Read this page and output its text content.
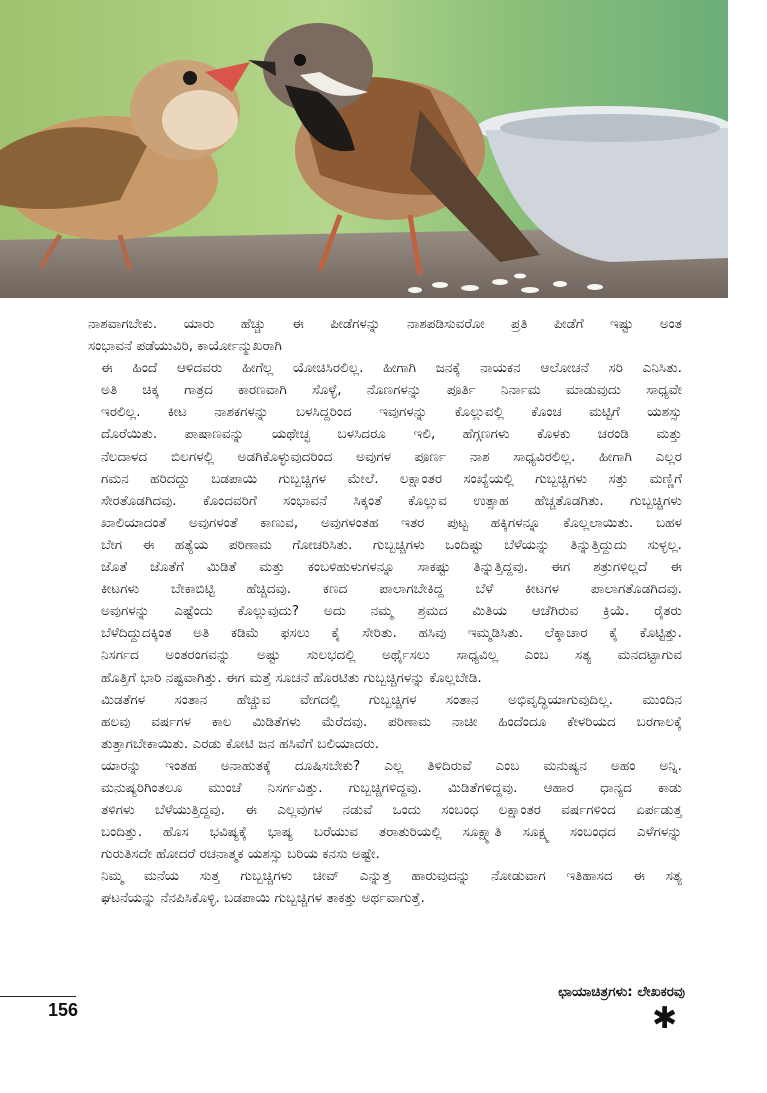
ನಾಶವಾಗಬೇಕು. ಯಾರು ಹೆಚ್ಚು ಈ ಪೀಡೆಗಳನ್ನು ನಾಶಪಡಿಸುವರೋ ಪ್ರತಿ ಪೀಡೆಗೆ ಇಷ್ಟು ಅಂತ
ಸಂಭಾವನೆ ಪಡೆಯುವಿರಿ, ಕಾರ್ಯೋನ್ಮುಖರಾಗಿ

ಈ ಹಿಂದೆ ಆಳಿದವರು ಹೀಗೆಲ್ಲ ಯೋಚಿಸಿರಲಿಲ್ಲ. ಹೀಗಾಗಿ ಜನಕ್ಕೆ ನಾಯಕನ ಆಲೋಚನೆ ಸರಿ ಎನಿಸಿತು.
ಅತಿ ಚಿಕ್ಕ ಗಾತ್ರದ ಕಾರಣವಾಗಿ ಸೊಳ್ಳೆ, ನೊಣಗಳನ್ನು ಪೂರ್ತಿ ನಿರ್ನಾಮ ಮಾಡುವುದು ಸಾಧ್ಯವೇ
ಇರಲಿಲ್ಲ. ಕೀಟ ನಾಶಕಗಳನ್ನು ಬಳಸಿದ್ದರಿಂದ ಇವುಗಳನ್ನು ಕೊಲ್ಲುವಲ್ಲಿ ಕೊಂಚ ಮಟ್ಟಿಗೆ ಯಶಸ್ಸು
ದೊರೆಯಿತು. ಪಾಷಾಣವನ್ನು ಯಥೇಚ್ಛ ಬಳಸಿದರೂ ಇಲಿ, ಹೆಗ್ಗಣಗಳು ಕೊಳಕು ಚರಂಡಿ ಮತ್ತು
ನೆಲದಾಳದ ಬಿಲಗಳಲ್ಲಿ ಅಡಗಿಕೊಳ್ಳುವುದರಿಂದ ಅವುಗಳ ಪೂರ್ಣ ನಾಶ ಸಾಧ್ಯವಿರಲಿಲ್ಲ. ಹೀಗಾಗಿ ಎಲ್ಲರ
ಗಮನ ಹರಿದದ್ದು ಬಡಪಾಯಿ ಗುಬ್ಬಚ್ಚಿಗಳ ಮೇಲೆ. ಲಕ್ಷಾಂತರ ಸಂಖ್ಯೆಯಲ್ಲಿ ಗುಬ್ಬಚ್ಚಿಗಳು ಸತ್ತು ಮಣ್ಣಿಗೆ
ಸೇರತೊಡಗಿದವು. ಕೊಂದವರಿಗೆ ಸಂಭಾವನೆ ಸಿಕ್ಕಂತೆ ಕೊಲ್ಲುವ ಉತ್ಸಾಹ ಹೆಚ್ಚತೊಡಗಿತು. ಗುಬ್ಬಚ್ಚಿಗಳು
ಖಾಲಿಯಾದಂತೆ ಅವುಗಳಂತೆ ಕಾಣುವ, ಅವುಗಳಂತಹ ಇತರ ಪುಟ್ಟ ಹಕ್ಕಿಗಳನ್ನೂ ಕೊಲ್ಲಲಾಯಿತು. ಬಹಳ
ಬೇಗ ಈ ಹತ್ಯೆಯ ಪರಿಣಾಮ ಗೋಚರಿಸಿತು. ಗುಬ್ಬಚ್ಚಿಗಳು ಒಂದಿಷ್ಟು ಬೆಳೆಯನ್ನು ತಿನ್ನುತ್ತಿದ್ದುದು ಸುಳ್ಳಲ್ಲ.
ಜೊತೆ ಜೊತೆಗೆ ಮಿಡಿತೆ ಮತ್ತು ಕಂಬಳಿಹುಳುಗಳನ್ನೂ ಸಾಕಷ್ಟು ತಿನ್ನುತ್ತಿದ್ದವು. ಈಗ ಶತ್ರುಗಳಿಲ್ಲದೆ ಈ
ಕೀಟಗಳು ಬೇಕಾಬಿಟ್ಟಿ ಹೆಚ್ಚಿದವು. ಕಣದ ಪಾಲಾಗಬೇಕಿದ್ದ ಬೆಳೆ ಕೀಟಗಳ ಪಾಲಾಗತೊಡಗಿದವು.
ಅವುಗಳನ್ನು ಎಷ್ಟೆಂದು ಕೊಲ್ಲುವುದು? ಅದು ನಮ್ಮ ಶ್ರಮದ ಮಿತಿಯ ಆಚೆಗಿರುವ ಕ್ರಿಯೆ. ರೈತರು
ಬೆಳೆದಿದ್ದುದಕ್ಕಿಂತ ಅತಿ ಕಡಿಮೆ ಫಸಲು ಕೈ ಸೇರಿತು. ಹಸಿವು ಇಮ್ಮಡಿಸಿತು. ಲೆಕ್ಕಾಚಾರ ಕೈ ಕೊಟ್ಟಿತ್ತು.
ನಿಸರ್ಗದ ಅಂತರಂಗವನ್ನು ಅಷ್ಟು ಸುಲಭದಲ್ಲಿ ಅರ್ಥೈಸಲು ಸಾಧ್ಯವಿಲ್ಲ ಎಂಬ ಸತ್ಯ ಮನದಟ್ಟಾಗುವ
ಹೊತ್ತಿಗೆ ಭಾರಿ ನಷ್ಟವಾಗಿತ್ತು. ಈಗ ಮತ್ತೆ ಸೂಚನೆ ಹೊರಟಿತು ಗುಬ್ಬಚ್ಚಿಗಳನ್ನು ಕೊಲ್ಲಬೇಡಿ.

ಮಿಡತೆಗಳ ಸಂತಾನ ಹೆಚ್ಚುವ ವೇಗದಲ್ಲಿ ಗುಬ್ಬಚ್ಚಿಗಳ ಸಂತಾನ ಅಭಿವೃದ್ಧಿಯಾಗುವುದಿಲ್ಲ. ಮುಂದಿನ
ಹಲವು ವರ್ಷಗಳ ಕಾಲ ಮಿಡಿತೆಗಳು ಮೆರೆದವು. ಪರಿಣಾಮ ನಾಚೀ ಹಿಂದೆಂದೂ ಕೇಳರಿಯದ ಬರಗಾಲಕ್ಕೆ
ತುತ್ತಾಗಬೇಕಾಯಿತು. ಎರಡು ಕೋಟಿ ಜನ ಹಸಿವೆಗೆ ಬಲಿಯಾದರು.

ಯಾರನ್ನು ಇಂತಹ ಅನಾಹುತಕ್ಕೆ ದೂಷಿಸಬೇಕು? ಎಲ್ಲ ತಿಳಿದಿರುವೆ ಎಂಬ ಮನುಷ್ಯನ ಅಹಂ ಅನ್ನಿ.
ಮನುಷ್ಯರಿಗಿಂತಲೂ ಮುಂಚೆ ನಿಸರ್ಗವಿತ್ತು. ಗುಬ್ಬಚ್ಚಿಗಳಿದ್ದವು. ಮಿಡಿತೆಗಳಿದ್ದವು. ಆಹಾರ ಧಾನ್ಯದ ಕಾಡು
ತಳಿಗಳು ಬೆಳೆಯುತ್ತಿದ್ದವು. ಈ ಎಲ್ಲವುಗಳ ನಡುವೆ ಒಂದು ಸಂಬಂಧ ಲಕ್ಷಾಂತರ ವರ್ಷಗಳಿಂದ ಏರ್ಪಡುತ್ತ
ಬಂದಿತ್ತು. ಹೊಸ ಭವಿಷ್ಯಕ್ಕೆ ಭಾಷ್ಯ ಬರೆಯುವ ತರಾತುರಿಯಲ್ಲಿ ಸೂಕ್ಷ್ಮಾತಿ ಸೂಕ್ಷ್ಮ ಸಂಬಂಧದ ಎಳೆಗಳನ್ನು
ಗುರುತಿಸದೇ ಹೋದರೆ ರಚನಾತ್ಮಕ ಯಶಸ್ಸು ಬರಿಯ ಕನಸು ಅಷ್ಟೇ.

ನಿಮ್ಮ ಮನೆಯ ಸುತ್ತ ಗುಬ್ಬಚ್ಚಿಗಳು ಚೀವ್ ಎನ್ನುತ್ತ ಹಾರುವುದನ್ನು ನೋಡುವಾಗ ಇತಿಹಾಸದ ಈ ಸತ್ಯ
ಘಟನೆಯನ್ನು ನೆನಪಿಸಿಕೊಳ್ಳಿ. ಬಡಪಾಯಿ ಗುಬ್ಬಚ್ಚಿಗಳ ತಾಕತ್ತು ಅರ್ಥವಾಗುತ್ತೆ.

ಛಾಯಾಚಿತ್ರಗಳು: ಲೇಖಕರವು
156	✱
